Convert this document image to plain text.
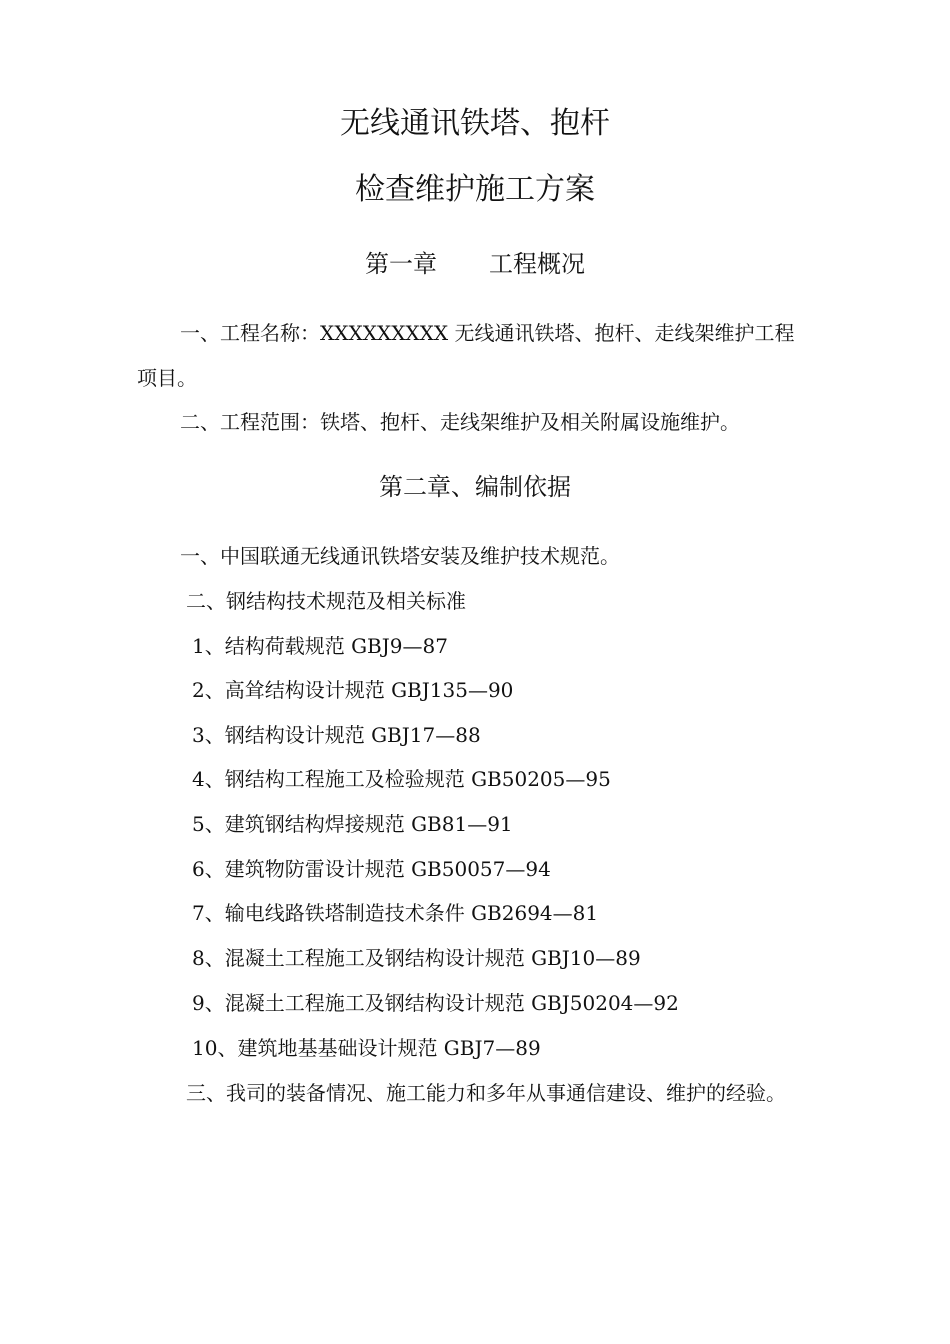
无线通讯铁塔、抱杆
检查维护施工方案
第一章 工程概况
一、工程名称：XXXXXXXXX 无线通讯铁塔、抱杆、走线架维护工程
项目。
二、工程范围：铁塔、抱杆、走线架维护及相关附属设施维护。
第二章、编制依据
一、中国联通无线通讯铁塔安装及维护技术规范。
二、钢结构技术规范及相关标准
1、结构荷载规范 GBJ9—87
2、高耸结构设计规范 GBJ135—90
3、钢结构设计规范 GBJ17—88
4、钢结构工程施工及检验规范 GB50205—95
5、建筑钢结构焊接规范 GB81—91
6、建筑物防雷设计规范 GB50057—94
7、输电线路铁塔制造技术条件 GB2694—81
8、混凝土工程施工及钢结构设计规范 GBJ10—89
9、混凝土工程施工及钢结构设计规范 GBJ50204—92
10、建筑地基基础设计规范 GBJ7—89
三、我司的装备情况、施工能力和多年从事通信建设、维护的经验。
